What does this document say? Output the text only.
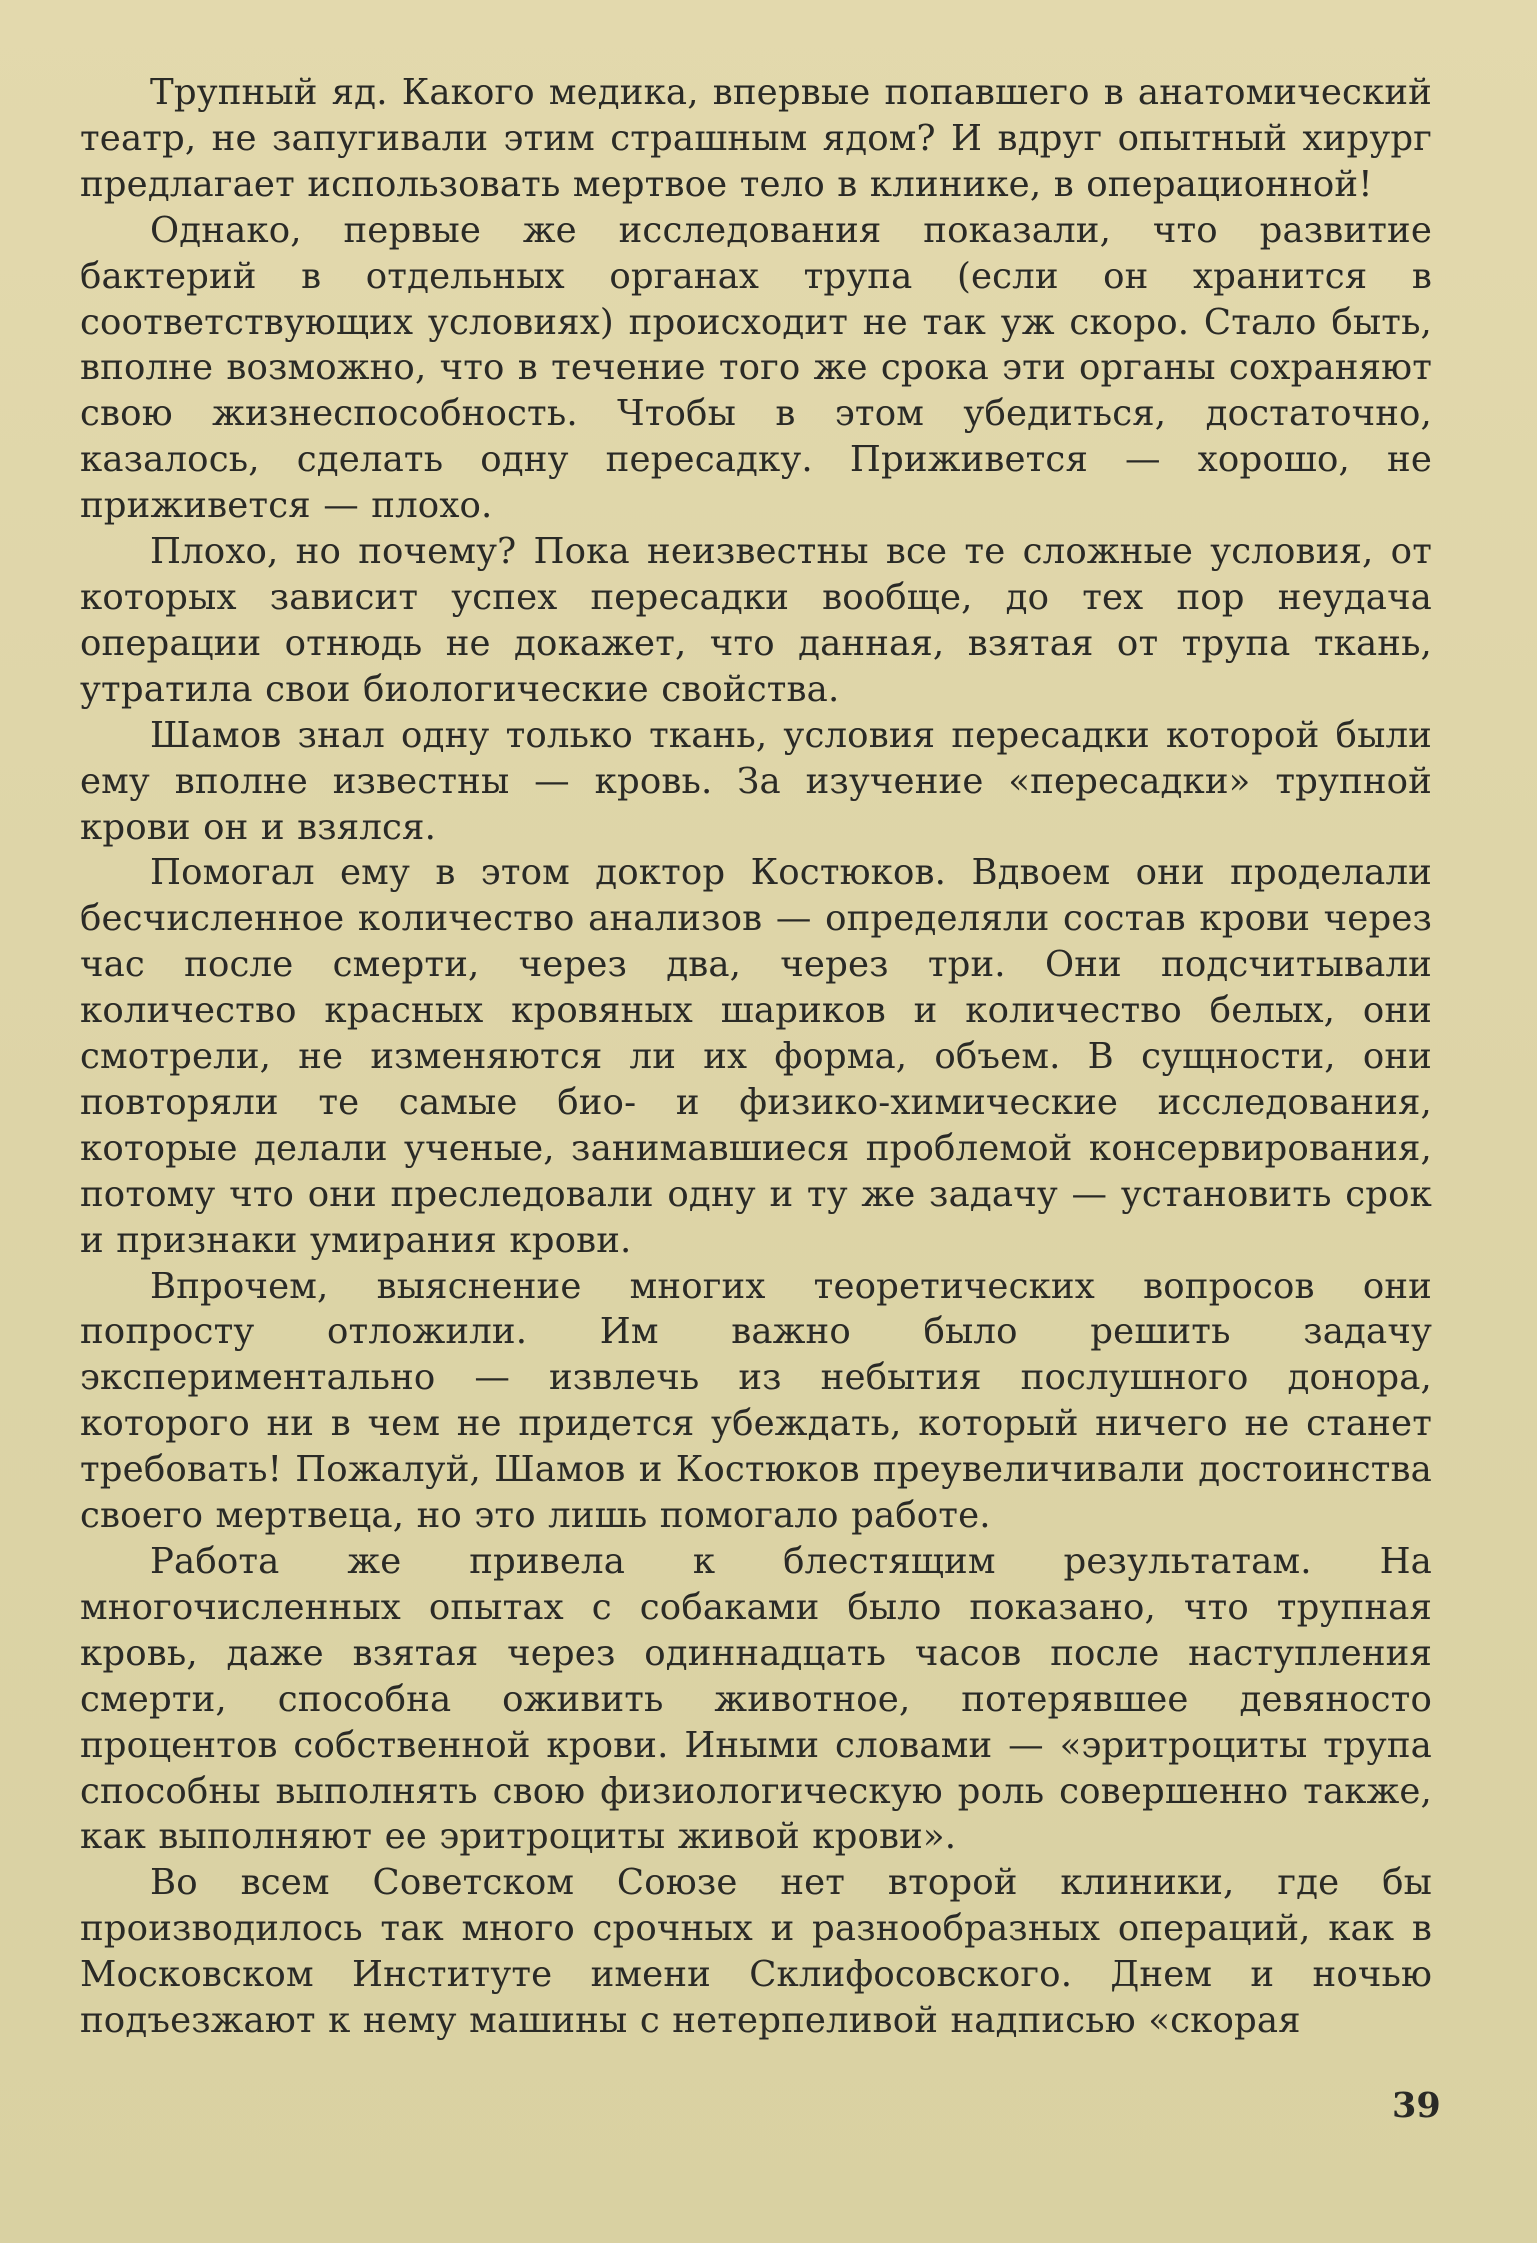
Трупный яд. Какого медика, впервые попавшего в анатомический театр, не запугивали этим страшным ядом? И вдруг опытный хирург предлагает использовать мертвое тело в клинике, в операционной!

Однако, первые же исследования показали, что развитие бактерий в отдельных органах трупа (если он хранится в соответствующих условиях) происходит не так уж скоро. Стало быть, вполне возможно, что в течение того же срока эти органы сохраняют свою жизнеспособность. Чтобы в этом убедиться, достаточно, казалось, сделать одну пересадку. Приживется — хорошо, не приживется — плохо.

Плохо, но почему? Пока неизвестны все те сложные условия, от которых зависит успех пересадки вообще, до тех пор неудача операции отнюдь не докажет, что данная, взятая от трупа ткань, утратила свои биологические свойства.

Шамов знал одну только ткань, условия пересадки которой были ему вполне известны — кровь. За изучение «пересадки» трупной крови он и взялся.

Помогал ему в этом доктор Костюков. Вдвоем они проделали бесчисленное количество анализов — определяли состав крови через час после смерти, через два, через три. Они подсчитывали количество красных кровяных шариков и количество белых, они смотрели, не изменяются ли их форма, объем. В сущности, они повторяли те самые био- и физико-химические исследования, которые делали ученые, занимавшиеся проблемой консервирования, потому что они преследовали одну и ту же задачу — установить срок и признаки умирания крови.

Впрочем, выяснение многих теоретических вопросов они попросту отложили. Им важно было решить задачу экспериментально — извлечь из небытия послушного донора, которого ни в чем не придется убеждать, который ничего не станет требовать! Пожалуй, Шамов и Костюков преувеличивали достоинства своего мертвеца, но это лишь помогало работе.

Работа же привела к блестящим результатам. На многочисленных опытах с собаками было показано, что трупная кровь, даже взятая через одиннадцать часов после наступления смерти, способна оживить животное, потерявшее девяносто процентов собственной крови. Иными словами — «эритроциты трупа способны выполнять свою физиологическую роль совершенно также, как выполняют ее эритроциты живой крови».

Во всем Советском Союзе нет второй клиники, где бы производилось так много срочных и разнообразных операций, как в Московском Институте имени Склифосовского. Днем и ночью подъезжают к нему машины с нетерпеливой надписью «скорая

39
